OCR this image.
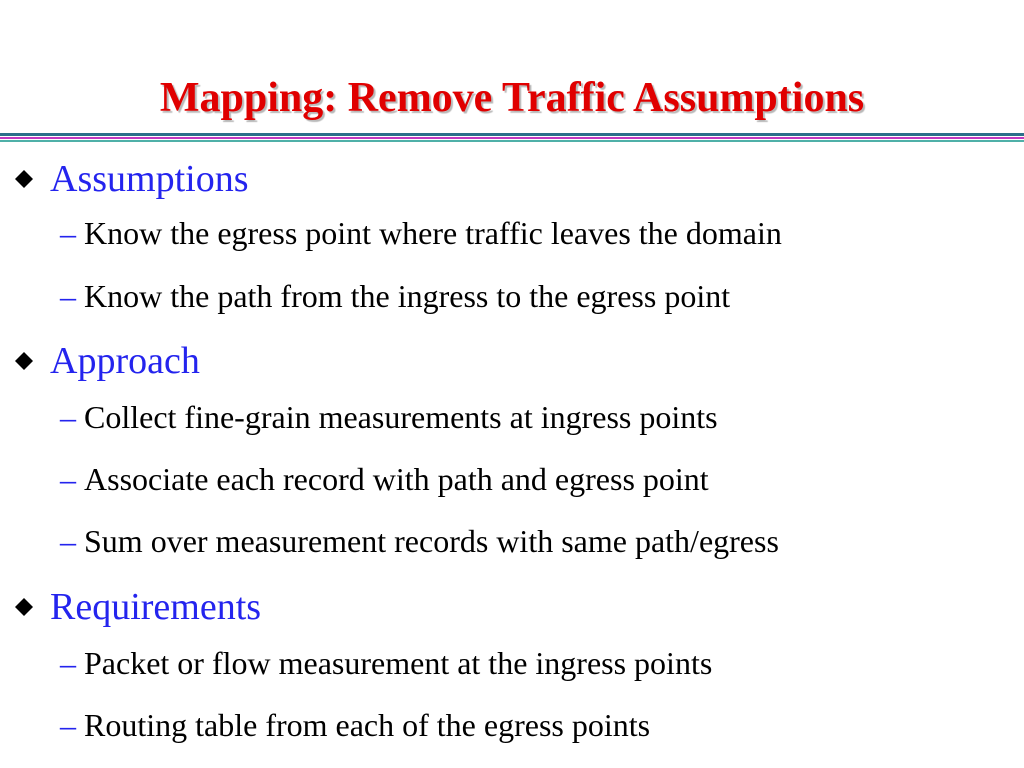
Mapping: Remove Traffic Assumptions
Assumptions
– Know the egress point where traffic leaves the domain
– Know the path from the ingress to the egress point
Approach
– Collect fine-grain measurements at ingress points
– Associate each record with path and egress point
– Sum over measurement records with same path/egress
Requirements
– Packet or flow measurement at the ingress points
– Routing table from each of the egress points
